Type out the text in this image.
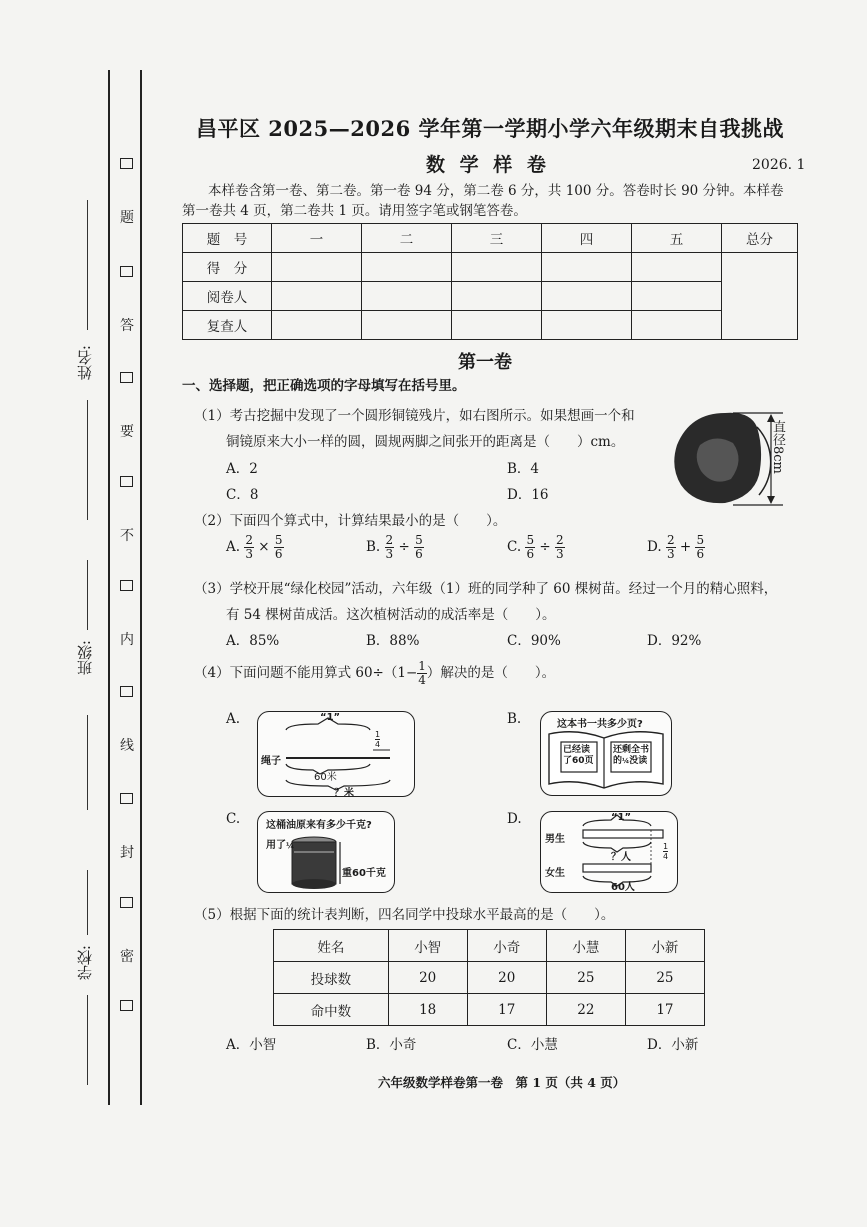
姓名:
班级:
学校:
题
答
要
不
内
线
封
密
昌平区 2025—2026 学年第一学期小学六年级期末自我挑战
数 学 样 卷	2026. 1
本样卷含第一卷、第二卷。第一卷 94 分，第二卷 6 分，共 100 分。答卷时长 90 分钟。本样卷
第一卷共 4 页，第二卷共 1 页。请用签字笔或钢笔答卷。
题　号	一	二	三	四	五	总分
得　分						
阅卷人						
复查人						
第一卷
一、选择题，把正确选项的字母填写在括号里。
（1）考古挖掘中发现了一个圆形铜镜残片，如右图所示。如果想画一个和
铜镜原来大小一样的圆，圆规两脚之间张开的距离是（　　）cm。
A．2	B．4
C．8	D．16
直径8cm
（2）下面四个算式中，计算结果最小的是（　　）。
A. $\frac{2}{3} \times \frac{5}{6}$	B. $\frac{2}{3} \div \frac{5}{6}$	C. $\frac{5}{6} \div \frac{2}{3}$	D. $\frac{2}{3} + \frac{5}{6}$
（3）学校开展“绿化校园”活动，六年级（1）班的同学种了 60 棵树苗。经过一个月的精心照料，
有 54 棵树苗成活。这次植树活动的成活率是（　　）。
A．85%	B．88%	C．90%	D．92%
（4）下面问题不能用算式 $60\div(1- \frac{1}{4}$ ）解决的是（　　）。
A.	B.
C.	D.
“1”
1
4
绳子
60米
？米
这本书一共多少页?
已经读了60页
还剩全书的¼没读
这桶油原来有多少千克?
用了¼
重60千克
“1”
男生
？人
1
4
女生
60人
（5）根据下面的统计表判断，四名同学中投球水平最高的是（　　）。
姓名	小智	小奇	小慧	小新
投球数	20	20	25	25
命中数	18	17	22	17
A．小智	B．小奇	C．小慧	D．小新
六年级数学样卷第一卷　第 1 页（共 4 页）
